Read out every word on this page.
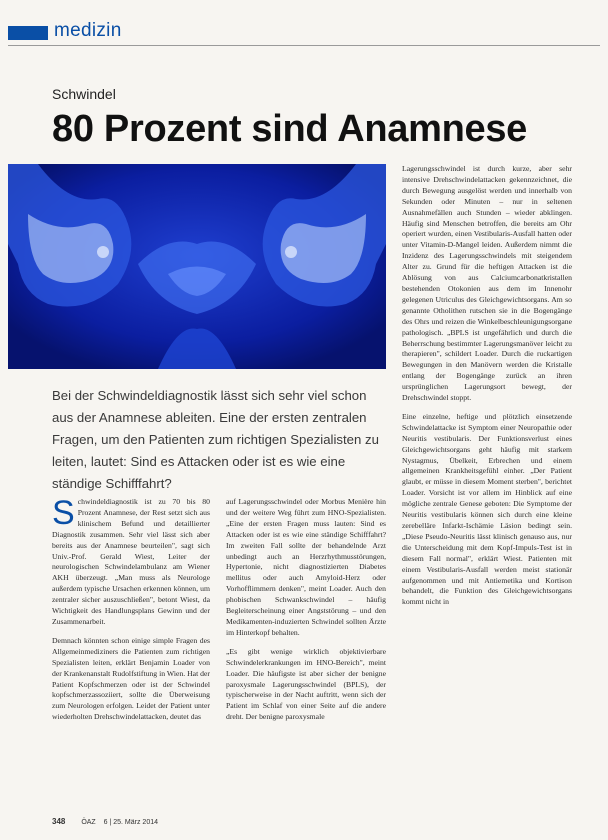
medizin
Schwindel
80 Prozent sind Anamnese

Bei der Schwindeldiagnostik lässt sich sehr viel schon aus der Anamnese ableiten. Eine der ersten zentralen Fragen, um den Patienten zum richtigen Spezialisten zu leiten, lautet: Sind es Attacken oder ist es wie eine ständige Schifffahrt?

Schwindeldiagnostik ist zu 70 bis 80 Prozent Anamnese, der Rest setzt sich aus klinischem Befund und detaillierter Diagnostik zusammen. Sehr viel lässt sich aber bereits aus der Anamnese beurteilen", sagt sich Univ.-Prof. Gerald Wiest, Leiter der neurologischen Schwindelambulanz am Wiener AKH überzeugt. „Man muss als Neurologe außerdem typische Ursachen erkennen können, um zentraler sicher auszuschließen", betont Wiest, da Wichtigkeit des Handlungsplans Gewinn und der Zusammenarbeit.

Demnach könnten schon einige simple Fragen des Allgemeinmediziners die Patienten zum richtigen Spezialisten leiten, erklärt Benjamin Loader von der Krankenanstalt Rudolfstiftung in Wien. Hat der Patient Kopfschmerzen oder ist der Schwindel kopfschmerzassoziiert, sollte die Überweisung zum Neurologen erfolgen. Leidet der Patient unter wiederholten Drehschwindelattacken, deutet das

auf Lagerungsschwindel oder Morbus Menière hin und der weitere Weg führt zum HNO-Spezialisten. „Eine der ersten Fragen muss lauten: Sind es Attacken oder ist es wie eine ständige Schifffahrt? Im zweiten Fall sollte der behandelnde Arzt unbedingt auch an Herzrhythmusstörungen, Hypertonie, nicht diagnostizierten Diabetes mellitus oder auch Amyloid-Herz oder Vorhofflimmern denken", meint Loader. Auch den phobischen Schwankschwindel – häufig Begleiterscheinung einer Angststörung – und den Medikamenten-induzierten Schwindel sollten Ärzte im Hinterkopf behalten.

„Es gibt wenige wirklich objektivierbare Schwindelerkrankungen im HNO-Bereich", meint Loader. Die häufigste ist aber sicher der benigne paroxysmale Lagerungsschwindel (BPLS), der typischerweise in der Nacht auftritt, wenn sich der Patient im Schlaf von einer Seite auf die andere dreht. Der benigne paroxysmale

Lagerungsschwindel ist durch kurze, aber sehr intensive Drehschwindelattacken gekennzeichnet, die durch Bewegung ausgelöst werden und innerhalb von Sekunden oder Minuten – nur in seltenen Ausnahmefällen auch Stunden – wieder abklingen. Häufig sind Menschen betroffen, die bereits am Ohr operiert wurden, einen Vestibularis-Ausfall hatten oder unter Vitamin-D-Mangel leiden. Außerdem nimmt die Inzidenz des Lagerungsschwindels mit steigendem Alter zu. Grund für die heftigen Attacken ist die Ablösung von aus Calciumcarbonatkristallen bestehenden Otokonien aus dem im Innenohr gelegenen Utriculus des Gleichgewichtsorgans. Am so genannte Otholithen rutschen sie in die Bogengänge des Ohrs und reizen die Winkelbeschleunigungsorgane pathologisch. „BPLS ist ungefährlich und durch die Beherrschung bestimmter Lagerungsmanöver leicht zu therapieren", schildert Loader. Durch die ruckartigen Bewegungen in den Manövern werden die Kristalle entlang der Bogengänge zurück an ihren ursprünglichen Lagerungsort bewegt, der Drehschwindel stoppt.

Eine einzelne, heftige und plötzlich einsetzende Schwindelattacke ist Symptom einer Neuropathie oder Neuritis vestibularis. Der Funktionsverlust eines Gleichgewichtsorgans geht häufig mit starkem Nystagmus, Übelkeit, Erbrechen und einem allgemeinen Krankheitsgefühl einher. „Der Patient glaubt, er müsse in diesem Moment sterben", berichtet Loader. Vorsicht ist vor allem im Hinblick auf eine mögliche zentrale Genese geboten: Die Symptome der Neuritis vestibularis können sich durch eine kleine zerebelläre Infarkt-Ischämie Läsion bedingt sein. „Diese Pseudo-Neuritis lässt klinisch genauso aus, nur die Unterscheidung mit dem Kopf-Impuls-Test ist in diesem Fall normal", erklärt Wiest. Patienten mit einem Vestibularis-Ausfall werden meist stationär aufgenommen und mit Antiemetika und Kortison behandelt, die Funktion des Gleichgewichtsorgans kommt nicht in

348 ÖAZ 6 | 25. März 2014
